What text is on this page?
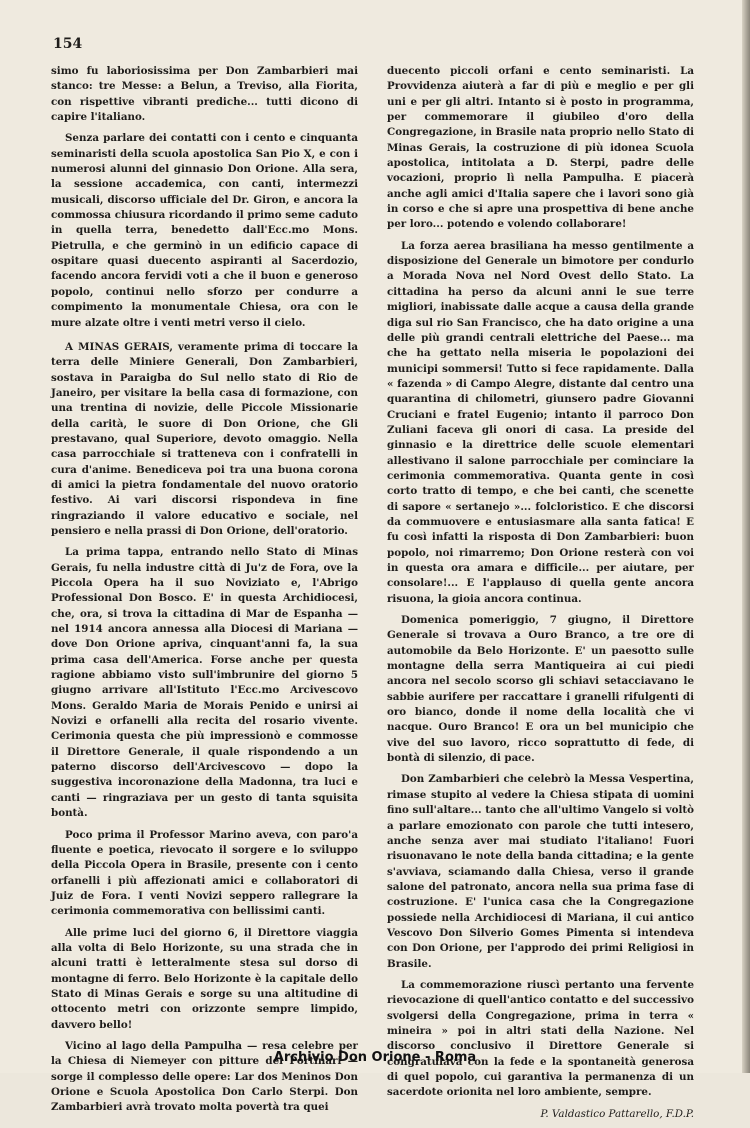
154

simo fu laboriosissima per Don Zambarbieri mai stanco: tre Messe: a Belun, a Treviso, alla Fiorita, con rispettive vibranti prediche... tutti dicono di capire l'italiano.

Senza parlare dei contatti con i cento e cinquanta seminaristi della scuola apostolica San Pio X, e con i numerosi alunni del ginnasio Don Orione. Alla sera, la sessione accademica, con canti, intermezzi musicali, discorso ufficiale del Dr. Giron, e ancora la commossa chiusura ricordando il primo seme caduto in quella terra, benedetto dall'Ecc.mo Mons. Pietrulla, e che germinò in un edificio capace di ospitare quasi duecento aspiranti al Sacerdozio, facendo ancora fervidi voti a che il buon e generoso popolo, continui nello sforzo per condurre a compimento la monumentale Chiesa, ora con le mure alzate oltre i venti metri verso il cielo.

A MINAS GERAIS, veramente prima di toccare la terra delle Miniere Generali, Don Zambarbieri, sostava in Paraigba do Sul nello stato di Rio de Janeiro, per visitare la bella casa di formazione, con una trentina di novizie, delle Piccole Missionarie della carità, le suore di Don Orione, che Gli prestavano, qual Superiore, devoto omaggio. Nella casa parrocchiale si tratteneva con i confratelli in cura d'anime. Benediceva poi tra una buona corona di amici la pietra fondamentale del nuovo oratorio festivo. Ai vari discorsi rispondeva in fine ringraziando il valore educativo e sociale, nel pensiero e nella prassi di Don Orione, dell'oratorio.

La prima tappa, entrando nello Stato di Minas Gerais, fu nella industre città di Ju'z de Fora, ove la Piccola Opera ha il suo Noviziato e, l'Abrigo Professional Don Bosco. E' in questa Archidiocesi, che, ora, si trova la cittadina di Mar de Espanha — nel 1914 ancora annessa alla Diocesi di Mariana — dove Don Orione apriva, cinquant'anni fa, la sua prima casa dell'America. Forse anche per questa ragione abbiamo visto sull'imbrunire del giorno 5 giugno arrivare all'Istituto l'Ecc.mo Arcivescovo Mons. Geraldo Maria de Morais Penido e unirsi ai Novizi e orfanelli alla recita del rosario vivente. Cerimonia questa che più impressionò e commosse il Direttore Generale, il quale rispondendo a un paterno discorso dell'Arcivescovo — dopo la suggestiva incoronazione della Madonna, tra luci e canti — ringraziava per un gesto di tanta squisita bontà.

Poco prima il Professor Marino aveva, con paro'a fluente e poetica, rievocato il sorgere e lo sviluppo della Piccola Opera in Brasile, presente con i cento orfanelli i più affezionati amici e collaboratori di Juiz de Fora. I venti Novizi seppero rallegrare la cerimonia commemorativa con bellissimi canti.

Alle prime luci del giorno 6, il Direttore viaggia alla volta di Belo Horizonte, su una strada che in alcuni tratti è letteralmente stesa sul dorso di montagne di ferro. Belo Horizonte è la capitale dello Stato di Minas Gerais e sorge su una altitudine di ottocento metri con orizzonte sempre limpido, davvero bello!

Vicino al lago della Pampulha — resa celebre per la Chiesa di Niemeyer con pitture del Portinari — sorge il complesso delle opere: Lar dos Meninos Don Orione e Scuola Apostolica Don Carlo Sterpi. Don Zambarbieri avrà trovato molta povertà tra quei

duecento piccoli orfani e cento seminaristi. La Provvidenza aiuterà a far di più e meglio e per gli uni e per gli altri. Intanto si è posto in programma, per commemorare il giubileo d'oro della Congregazione, in Brasile nata proprio nello Stato di Minas Gerais, la costruzione di più idonea Scuola apostolica, intitolata a D. Sterpi, padre delle vocazioni, proprio lì nella Pampulha. E piacerà anche agli amici d'Italia sapere che i lavori sono già in corso e che si apre una prospettiva di bene anche per loro... potendo e volendo collaborare!

La forza aerea brasiliana ha messo gentilmente a disposizione del Generale un bimotore per condurlo a Morada Nova nel Nord Ovest dello Stato. La cittadina ha perso da alcuni anni le sue terre migliori, inabissate dalle acque a causa della grande diga sul rio San Francisco, che ha dato origine a una delle più grandi centrali elettriche del Paese... ma che ha gettato nella miseria le popolazioni dei municipi sommersi! Tutto si fece rapidamente. Dalla « fazenda » di Campo Alegre, distante dal centro una quarantina di chilometri, giunsero padre Giovanni Cruciani e fratel Eugenio; intanto il parroco Don Zuliani faceva gli onori di casa. La preside del ginnasio e la direttrice delle scuole elementari allestivano il salone parrocchiale per cominciare la cerimonia commemorativa. Quanta gente in così corto tratto di tempo, e che bei canti, che scenette di sapore « sertanejo »... folcloristico. E che discorsi da commuovere e entusiasmare alla santa fatica! E fu così infatti la risposta di Don Zambarbieri: buon popolo, noi rimarremo; Don Orione resterà con voi in questa ora amara e difficile... per aiutare, per consolare!... E l'applauso di quella gente ancora risuona, la gioia ancora continua.

Domenica pomeriggio, 7 giugno, il Direttore Generale si trovava a Ouro Branco, a tre ore di automobile da Belo Horizonte. E' un paesotto sulle montagne della serra Mantiqueira ai cui piedi ancora nel secolo scorso gli schiavi setacciavano le sabbie aurifere per raccattare i granelli rifulgenti di oro bianco, donde il nome della località che vi nacque. Ouro Branco! E ora un bel municipio che vive del suo lavoro, ricco soprattutto di fede, di bontà di silenzio, di pace.

Don Zambarbieri che celebrò la Messa Vespertina, rimase stupito al vedere la Chiesa stipata di uomini fino sull'altare... tanto che all'ultimo Vangelo si voltò a parlare emozionato con parole che tutti intesero, anche senza aver mai studiato l'italiano! Fuori risuonavano le note della banda cittadina; e la gente s'avviava, sciamando dalla Chiesa, verso il grande salone del patronato, ancora nella sua prima fase di costruzione. E' l'unica casa che la Congregazione possiede nella Archidiocesi di Mariana, il cui antico Vescovo Don Silverio Gomes Pimenta si intendeva con Don Orione, per l'approdo dei primi Religiosi in Brasile.

La commemorazione riuscì pertanto una fervente rievocazione di quell'antico contatto e del successivo svolgersi della Congregazione, prima in terra « mineira » poi in altri stati della Nazione. Nel discorso conclusivo il Direttore Generale si congratulava con la fede e la spontaneità generosa di quel popolo, cui garantiva la permanenza di un sacerdote orionita nel loro ambiente, sempre.

P. Valdastico Pattarello, F.D.P.

Archivio Don Orione - Roma
